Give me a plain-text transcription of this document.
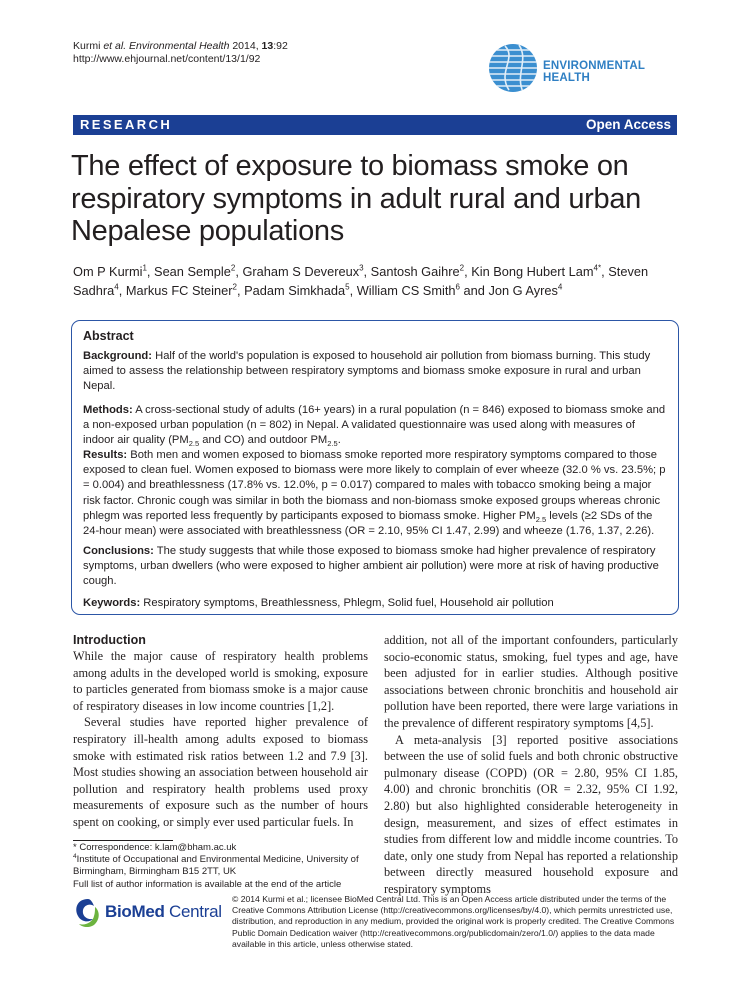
Kurmi et al. Environmental Health 2014, 13:92
http://www.ehjournal.net/content/13/1/92
ENVIRONMENTAL HEALTH
RESEARCH	Open Access
The effect of exposure to biomass smoke on respiratory symptoms in adult rural and urban Nepalese populations
Om P Kurmi$^1$, Sean Semple$^2$, Graham S Devereux$^3$, Santosh Gaihre$^2$, Kin Bong Hubert Lam$^{4*}$, Steven Sadhra$^4$, Markus FC Steiner$^2$, Padam Simkhada$^5$, William CS Smith$^6$ and Jon G Ayres$^4$
Abstract

Background: Half of the world's population is exposed to household air pollution from biomass burning. This study aimed to assess the relationship between respiratory symptoms and biomass smoke exposure in rural and urban Nepal.

Methods: A cross-sectional study of adults (16+ years) in a rural population (n = 846) exposed to biomass smoke and a non-exposed urban population (n = 802) in Nepal. A validated questionnaire was used along with measures of indoor air quality ($PM_{2.5}$ and CO) and outdoor $PM_{2.5}$.

Results: Both men and women exposed to biomass smoke reported more respiratory symptoms compared to those exposed to clean fuel. Women exposed to biomass were more likely to complain of ever wheeze (32.0 % vs. 23.5%; p = 0.004) and breathlessness (17.8% vs. 12.0%, p = 0.017) compared to males with tobacco smoking being a major risk factor. Chronic cough was similar in both the biomass and non-biomass smoke exposed groups whereas chronic phlegm was reported less frequently by participants exposed to biomass smoke. Higher $PM_{2.5}$ levels (≥2 SDs of the 24-hour mean) were associated with breathlessness (OR = 2.10, 95% CI 1.47, 2.99) and wheeze (1.76, 1.37, 2.26).

Conclusions: The study suggests that while those exposed to biomass smoke had higher prevalence of respiratory symptoms, urban dwellers (who were exposed to higher ambient air pollution) were more at risk of having productive cough.

Keywords: Respiratory symptoms, Breathlessness, Phlegm, Solid fuel, Household air pollution

Introduction

While the major cause of respiratory health problems among adults in the developed world is smoking, exposure to particles generated from biomass smoke is a major cause of respiratory diseases in low income countries [1,2].

Several studies have reported higher prevalence of respiratory ill-health among adults exposed to biomass smoke with estimated risk ratios between 1.2 and 7.9 [3]. Most studies showing an association between household air pollution and respiratory health problems used proxy measurements of exposure such as the number of hours spent on cooking, or simply ever used particular fuels. In

addition, not all of the important confounders, particularly socio-economic status, smoking, fuel types and age, have been adjusted for in earlier studies. Although positive associations between chronic bronchitis and household air pollution have been reported, there were large variations in the prevalence of different respiratory symptoms [4,5].

A meta-analysis [3] reported positive associations between the use of solid fuels and both chronic obstructive pulmonary disease (COPD) (OR = 2.80, 95% CI 1.85, 4.00) and chronic bronchitis (OR = 2.32, 95% CI 1.92, 2.80) but also highlighted considerable heterogeneity in design, measurement, and sizes of effect estimates in studies from different low and middle income countries. To date, only one study from Nepal has reported a relationship between directly measured household exposure and respiratory symptoms

* Correspondence: k.lam@bham.ac.uk
$^4$Institute of Occupational and Environmental Medicine, University of Birmingham, Birmingham B15 2TT, UK
Full list of author information is available at the end of the article
BioMed Central
© 2014 Kurmi et al.; licensee BioMed Central Ltd. This is an Open Access article distributed under the terms of the Creative Commons Attribution License (http://creativecommons.org/licenses/by/4.0), which permits unrestricted use, distribution, and reproduction in any medium, provided the original work is properly credited. The Creative Commons Public Domain Dedication waiver (http://creativecommons.org/publicdomain/zero/1.0/) applies to the data made available in this article, unless otherwise stated.
